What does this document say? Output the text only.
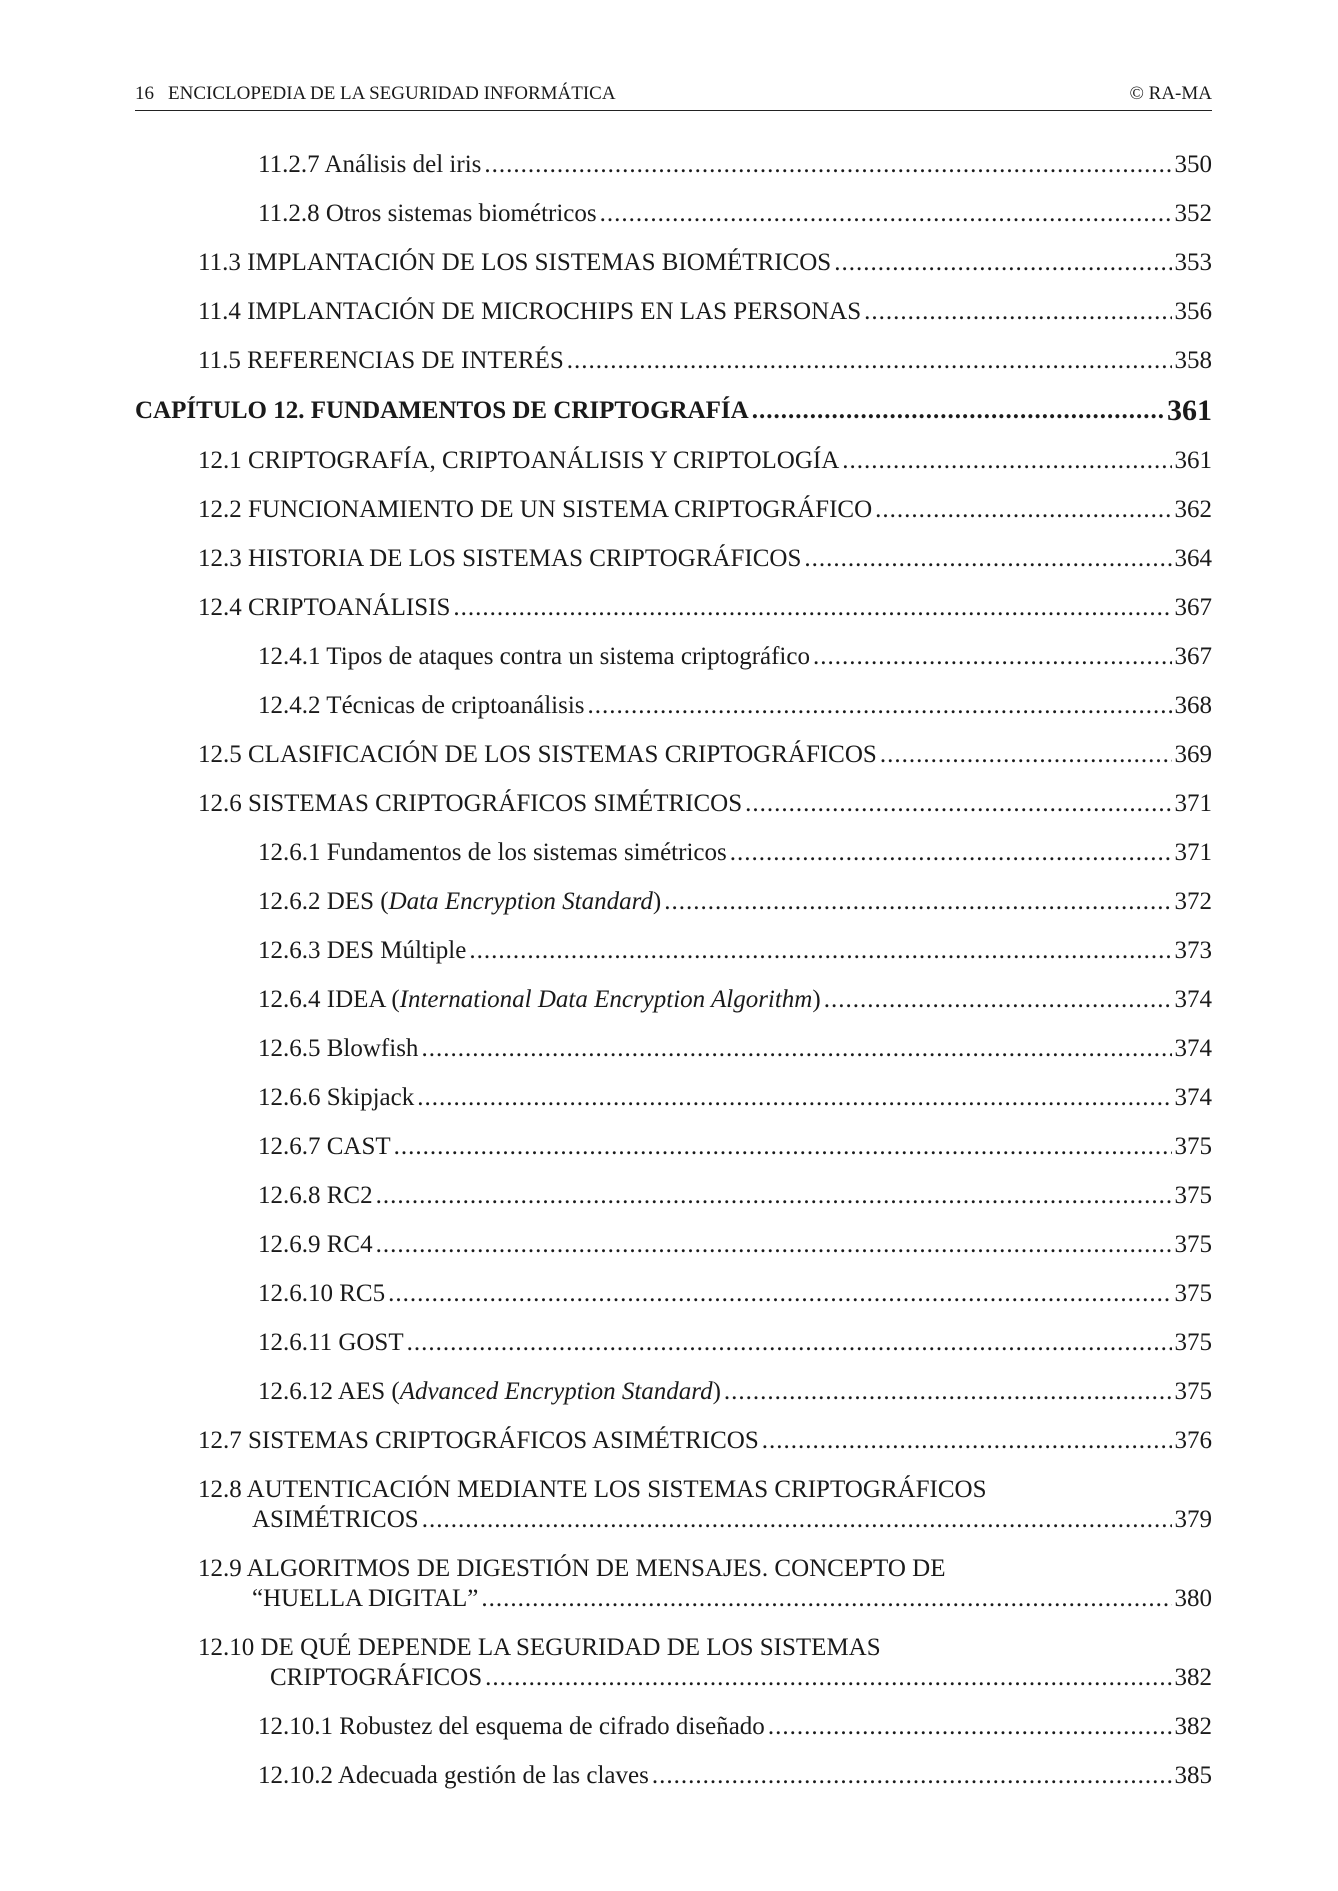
16 ENCICLOPEDIA DE LA SEGURIDAD INFORMÁTICA	© RA-MA
11.2.7 Análisis del iris .....	350
11.2.8 Otros sistemas biométricos .....	352
11.3 IMPLANTACIÓN DE LOS SISTEMAS BIOMÉTRICOS .....	353
11.4 IMPLANTACIÓN DE MICROCHIPS EN LAS PERSONAS .....	356
11.5 REFERENCIAS DE INTERÉS .....	358
CAPÍTULO 12. FUNDAMENTOS DE CRIPTOGRAFÍA .....	361
12.1 CRIPTOGRAFÍA, CRIPTOANÁLISIS Y CRIPTOLOGÍA .....	361
12.2 FUNCIONAMIENTO DE UN SISTEMA CRIPTOGRÁFICO .....	362
12.3 HISTORIA DE LOS SISTEMAS CRIPTOGRÁFICOS .....	364
12.4 CRIPTOANÁLISIS .....	367
12.4.1 Tipos de ataques contra un sistema criptográfico .....	367
12.4.2 Técnicas de criptoanálisis .....	368
12.5 CLASIFICACIÓN DE LOS SISTEMAS CRIPTOGRÁFICOS .....	369
12.6 SISTEMAS CRIPTOGRÁFICOS SIMÉTRICOS .....	371
12.6.1 Fundamentos de los sistemas simétricos .....	371
12.6.2 DES (Data Encryption Standard) .....	372
12.6.3 DES Múltiple .....	373
12.6.4 IDEA (International Data Encryption Algorithm) .....	374
12.6.5 Blowfish .....	374
12.6.6 Skipjack .....	374
12.6.7 CAST .....	375
12.6.8 RC2 .....	375
12.6.9 RC4 .....	375
12.6.10 RC5 .....	375
12.6.11 GOST .....	375
12.6.12 AES (Advanced Encryption Standard) .....	375
12.7 SISTEMAS CRIPTOGRÁFICOS ASIMÉTRICOS .....	376
12.8 AUTENTICACIÓN MEDIANTE LOS SISTEMAS CRIPTOGRÁFICOS
ASIMÉTRICOS .....	379
12.9 ALGORITMOS DE DIGESTIÓN DE MENSAJES. CONCEPTO DE
“HUELLA DIGITAL” .....	380
12.10 DE QUÉ DEPENDE LA SEGURIDAD DE LOS SISTEMAS
CRIPTOGRÁFICOS .....	382
12.10.1 Robustez del esquema de cifrado diseñado .....	382
12.10.2 Adecuada gestión de las claves .....	385
